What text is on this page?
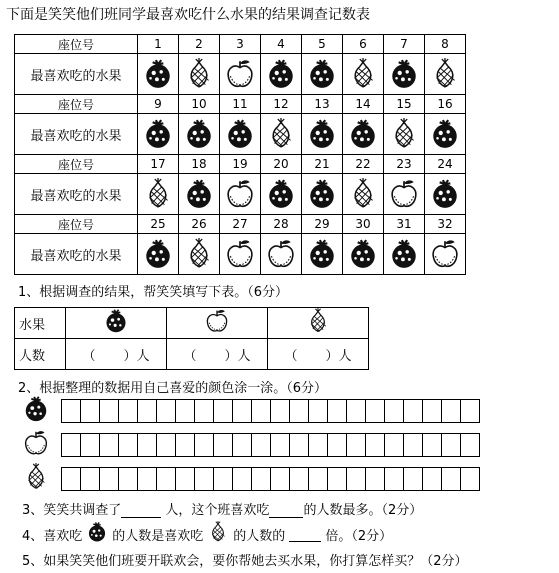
下面是笑笑他们班同学最喜欢吃什么水果的结果调查记数表
座位号	1	2	3	4	5	6	7	8
最喜欢吃的水果	

座位号	9	10	11	12	13	14	15	16
最喜欢吃的水果	

座位号	17	18	19	20	21	22	23	24
最喜欢吃的水果	

座位号	25	26	27	28	29	30	31	32
最喜欢吃的水果	

1、根据调查的结果，帮笑笑填写下表。（6分）
水果	

人数	（ ）人	（ ）人	（ ）人
2、根据整理的数据用自己喜爱的颜色涂一涂。（6分）
3、笑笑共调查了	人，这个班喜欢吃	的人数最多。（2分）
4、喜欢吃 的人数是喜欢吃 的人数的	倍。（2分）
5、如果笑笑他们班要开联欢会，要你帮她去买水果，你打算怎样买？（2分）
